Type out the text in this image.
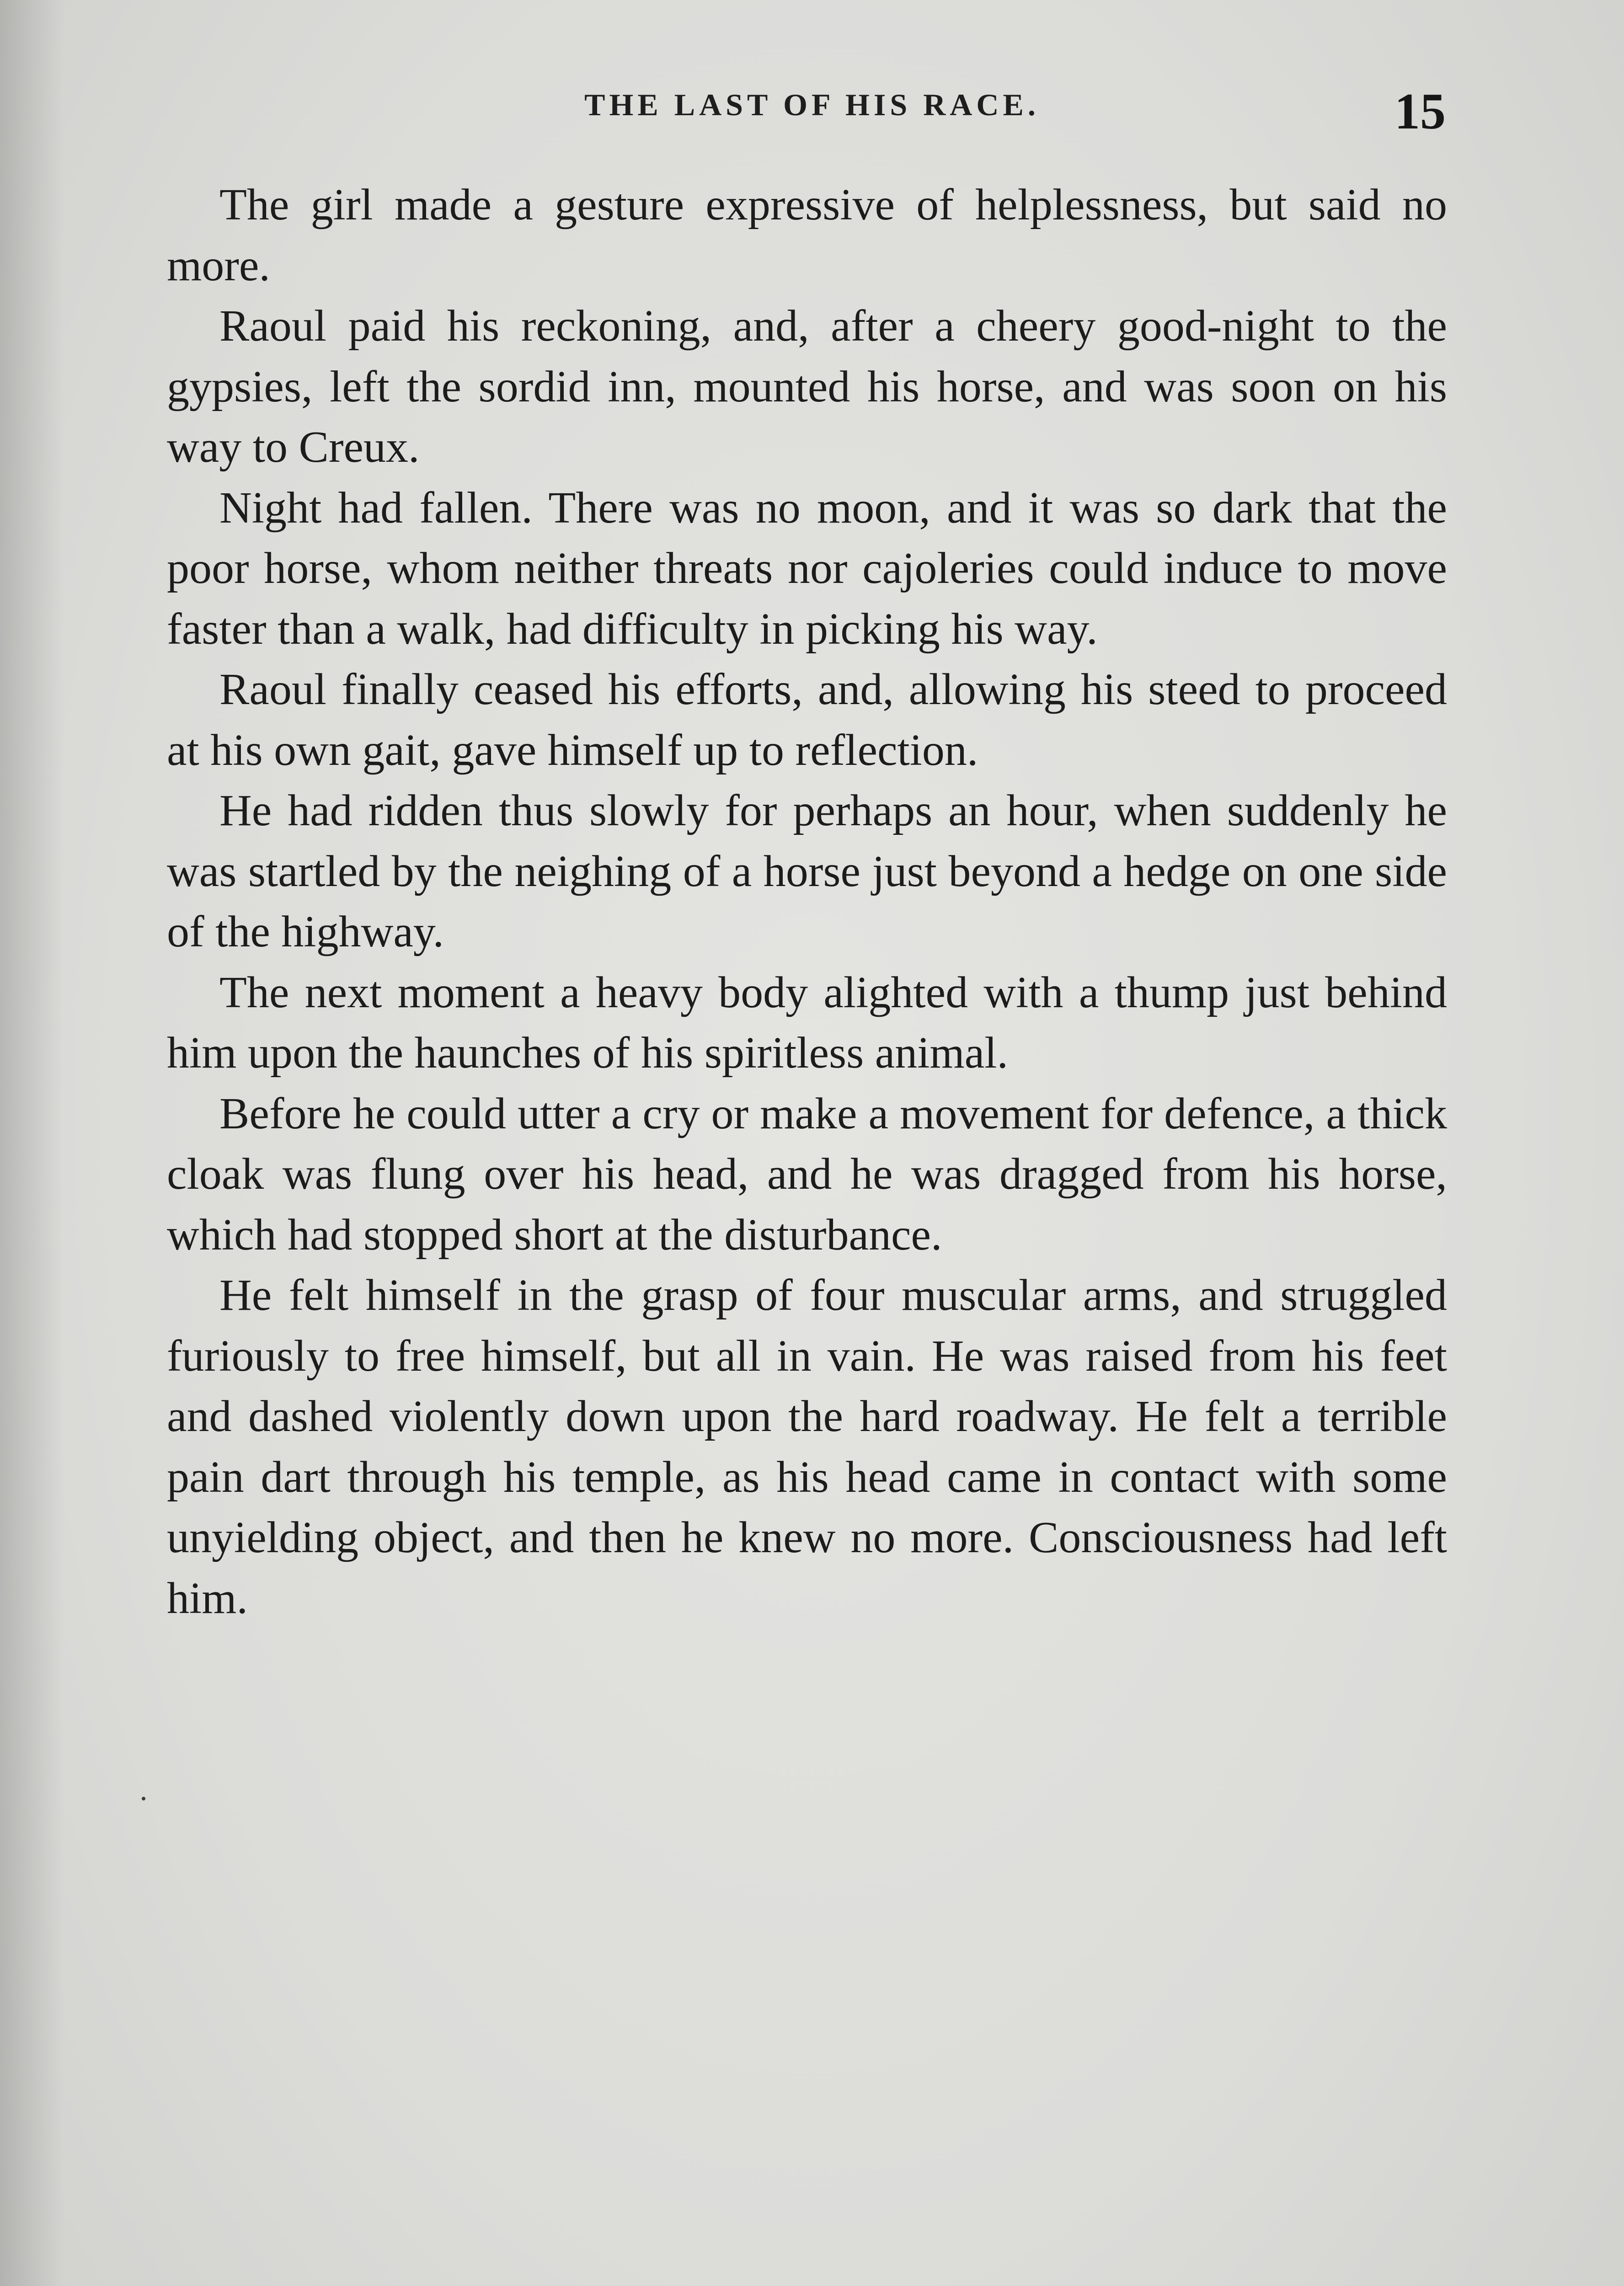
THE LAST OF HIS RACE.	15

The girl made a gesture expressive of helplessness, but said no more.

Raoul paid his reckoning, and, after a cheery good-night to the gypsies, left the sordid inn, mounted his horse, and was soon on his way to Creux.

Night had fallen. There was no moon, and it was so dark that the poor horse, whom neither threats nor cajoleries could induce to move faster than a walk, had difficulty in picking his way.

Raoul finally ceased his efforts, and, allowing his steed to proceed at his own gait, gave himself up to reflection.

He had ridden thus slowly for perhaps an hour, when suddenly he was startled by the neighing of a horse just beyond a hedge on one side of the highway.

The next moment a heavy body alighted with a thump just behind him upon the haunches of his spiritless animal.

Before he could utter a cry or make a movement for defence, a thick cloak was flung over his head, and he was dragged from his horse, which had stopped short at the disturbance.

He felt himself in the grasp of four muscular arms, and struggled furiously to free himself, but all in vain. He was raised from his feet and dashed violently down upon the hard roadway. He felt a terrible pain dart through his temple, as his head came in contact with some unyielding object, and then he knew no more. Consciousness had left him.
